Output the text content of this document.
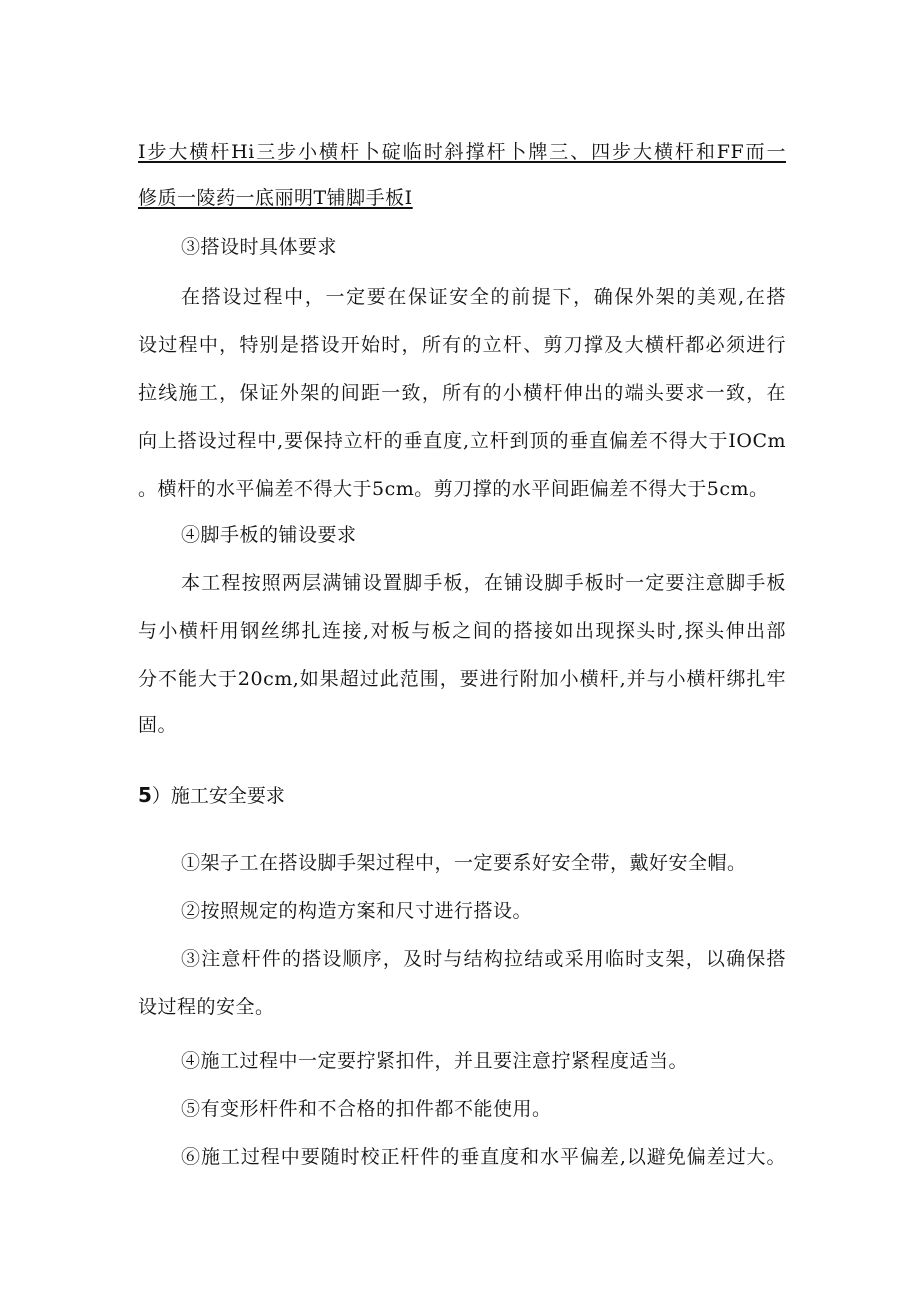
I步大横杆Hi三步小横杆卜碇临时斜撑杆卜牌三、四步大横杆和FF而一
修质一陵药一底丽明T铺脚手板I
③搭设时具体要求
在搭设过程中，一定要在保证安全的前提下，确保外架的美观,在搭
设过程中，特别是搭设开始时，所有的立杆、剪刀撑及大横杆都必须进行
拉线施工，保证外架的间距一致，所有的小横杆伸出的端头要求一致，在
向上搭设过程中,要保持立杆的垂直度,立杆到顶的垂直偏差不得大于IOCm
。横杆的水平偏差不得大于5cm。剪刀撑的水平间距偏差不得大于5cm。
④脚手板的铺设要求
本工程按照两层满铺设置脚手板，在铺设脚手板时一定要注意脚手板
与小横杆用钢丝绑扎连接,对板与板之间的搭接如出现探头时,探头伸出部
分不能大于20cm,如果超过此范围，要进行附加小横杆,并与小横杆绑扎牢
固。
5）施工安全要求
①架子工在搭设脚手架过程中，一定要系好安全带，戴好安全帽。
②按照规定的构造方案和尺寸进行搭设。
③注意杆件的搭设顺序，及时与结构拉结或采用临时支架，以确保搭
设过程的安全。
④施工过程中一定要拧紧扣件，并且要注意拧紧程度适当。
⑤有变形杆件和不合格的扣件都不能使用。
⑥施工过程中要随时校正杆件的垂直度和水平偏差,以避免偏差过大。
